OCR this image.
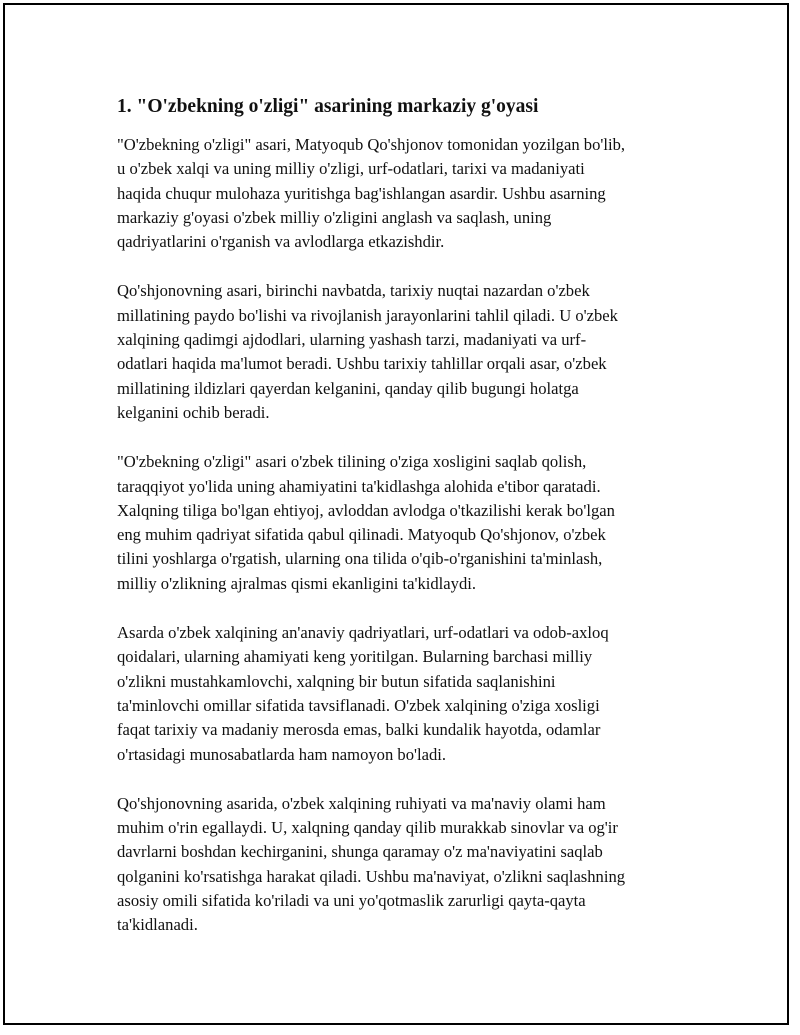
1. "O'zbekning o'zligi" asarining markaziy g'oyasi
"O'zbekning o'zligi" asari, Matyoqub Qo'shjonov tomonidan yozilgan bo'lib,
u o'zbek xalqi va uning milliy o'zligi, urf-odatlari, tarixi va madaniyati
haqida chuqur mulohaza yuritishga bag'ishlangan asardir. Ushbu asarning
markaziy g'oyasi o'zbek milliy o'zligini anglash va saqlash, uning
qadriyatlarini o'rganish va avlodlarga etkazishdir.
Qo'shjonovning asari, birinchi navbatda, tarixiy nuqtai nazardan o'zbek
millatining paydo bo'lishi va rivojlanish jarayonlarini tahlil qiladi. U o'zbek
xalqining qadimgi ajdodlari, ularning yashash tarzi, madaniyati va urf-
odatlari haqida ma'lumot beradi. Ushbu tarixiy tahlillar orqali asar, o'zbek
millatining ildizlari qayerdan kelganini, qanday qilib bugungi holatga
kelganini ochib beradi.
"O'zbekning o'zligi" asari o'zbek tilining o'ziga xosligini saqlab qolish,
taraqqiyot yo'lida uning ahamiyatini ta'kidlashga alohida e'tibor qaratadi.
Xalqning tiliga bo'lgan ehtiyoj, avloddan avlodga o'tkazilishi kerak bo'lgan
eng muhim qadriyat sifatida qabul qilinadi. Matyoqub Qo'shjonov, o'zbek
tilini yoshlarga o'rgatish, ularning ona tilida o'qib-o'rganishini ta'minlash,
milliy o'zlikning ajralmas qismi ekanligini ta'kidlaydi.
Asarda o'zbek xalqining an'anaviy qadriyatlari, urf-odatlari va odob-axloq
qoidalari, ularning ahamiyati keng yoritilgan. Bularning barchasi milliy
o'zlikni mustahkamlovchi, xalqning bir butun sifatida saqlanishini
ta'minlovchi omillar sifatida tavsiflanadi. O'zbek xalqining o'ziga xosligi
faqat tarixiy va madaniy merosda emas, balki kundalik hayotda, odamlar
o'rtasidagi munosabatlarda ham namoyon bo'ladi.
Qo'shjonovning asarida, o'zbek xalqining ruhiyati va ma'naviy olami ham
muhim o'rin egallaydi. U, xalqning qanday qilib murakkab sinovlar va og'ir
davrlarni boshdan kechirganini, shunga qaramay o'z ma'naviyatini saqlab
qolganini ko'rsatishga harakat qiladi. Ushbu ma'naviyat, o'zlikni saqlashning
asosiy omili sifatida ko'riladi va uni yo'qotmaslik zarurligi qayta-qayta
ta'kidlanadi.
